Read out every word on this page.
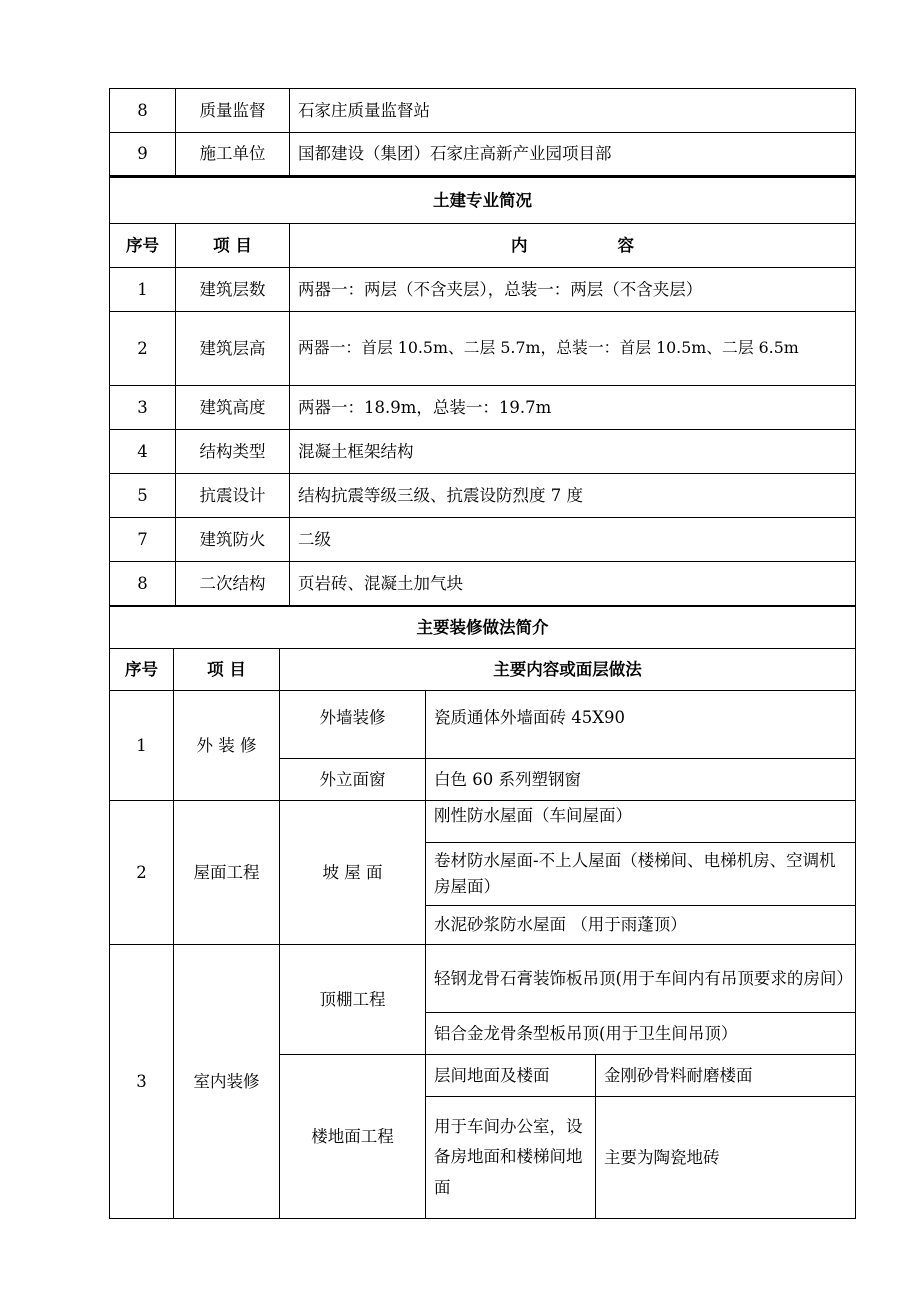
8	质量监督	石家庄质量监督站
9	施工单位	国都建设（集团）石家庄高新产业园项目部
土建专业简况		
序号	项 目	内 容

1	建筑层数	两器一：两层（不含夹层），总装一：两层（不含夹层）
2	建筑层高	两器一：首层 10.5m、二层 5.7m，总装一：首层 10.5m、二层 6.5m
3	建筑高度	两器一：18.9m，总装一：19.7m
4	结构类型	混凝土框架结构
5	抗震设计	结构抗震等级三级、抗震设防烈度 7 度
7	建筑防火	二级
8	二次结构	页岩砖、混凝土加气块
主要装修做法简介				
序号	项 目	主要内容或面层做法		
1	外 装 修	外墙装修	瓷质通体外墙面砖 45X90	
		外立面窗	白色 60 系列塑钢窗	
2	屋面工程	坡 屋 面	刚性防水屋面（车间屋面）	
			卷材防水屋面-不上人屋面（楼梯间、电梯机房、空调机房屋面）	
			水泥砂浆防水屋面 （用于雨蓬顶）	
3	室内装修	顶棚工程	轻钢龙骨石膏装饰板吊顶(用于车间内有吊顶要求的房间）	
			铝合金龙骨条型板吊顶(用于卫生间吊顶）	
		楼地面工程	层间地面及楼面	金刚砂骨料耐磨楼面
			用于车间办公室，设备房地面和楼梯间地面	主要为陶瓷地砖
